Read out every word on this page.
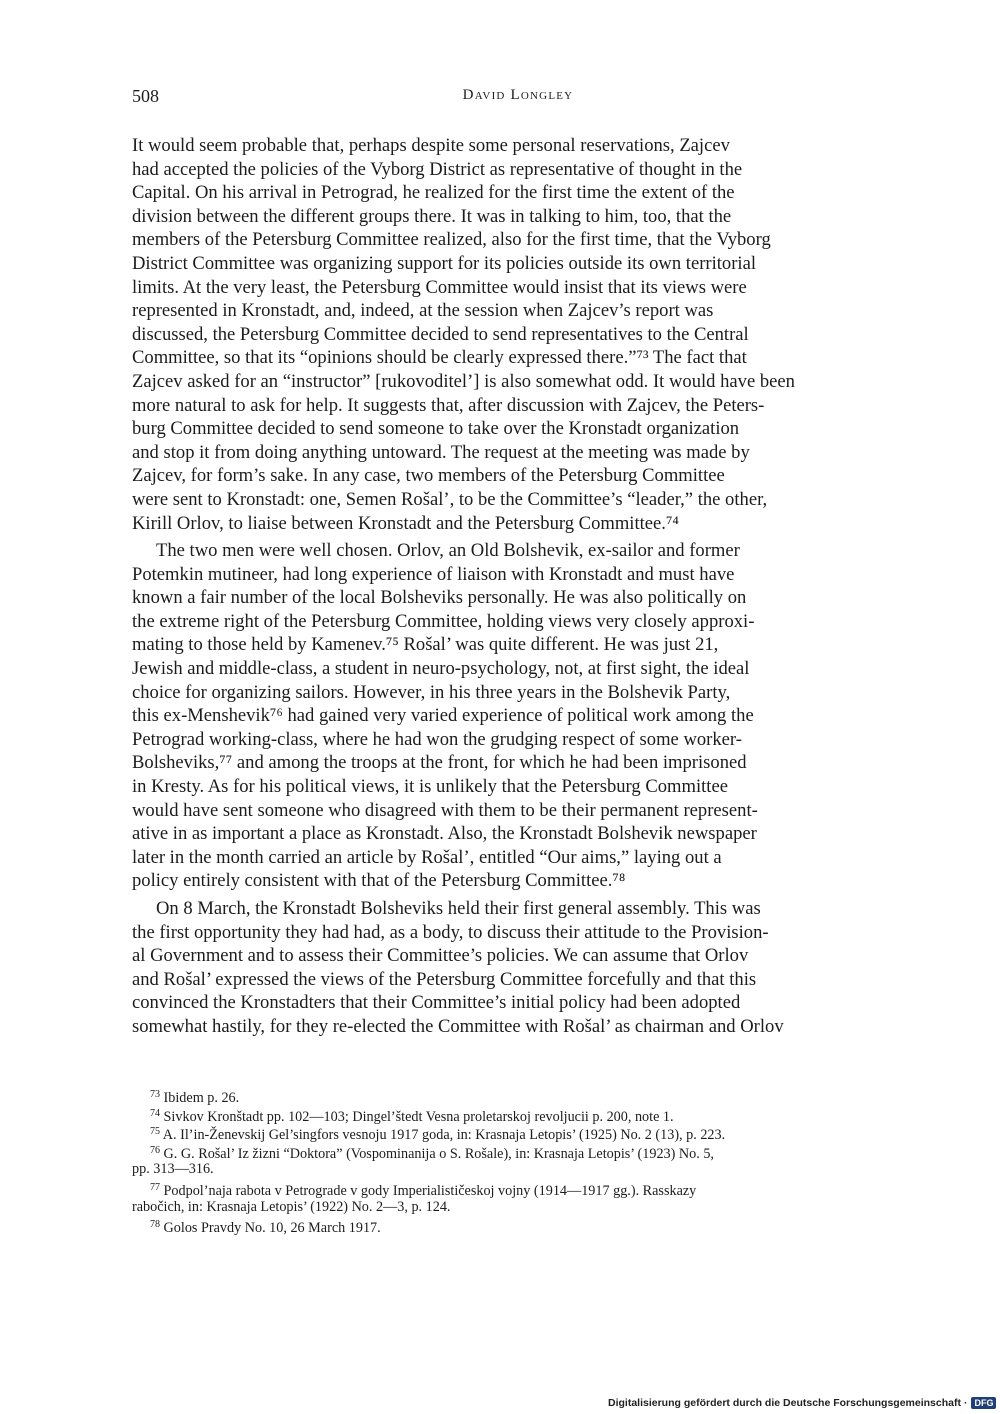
508	David Longley
It would seem probable that, perhaps despite some personal reservations, Zajcev
had accepted the policies of the Vyborg District as representative of thought in the
Capital. On his arrival in Petrograd, he realized for the first time the extent of the
division between the different groups there. It was in talking to him, too, that the
members of the Petersburg Committee realized, also for the first time, that the Vyborg
District Committee was organizing support for its policies outside its own territorial
limits. At the very least, the Petersburg Committee would insist that its views were
represented in Kronstadt, and, indeed, at the session when Zajcev’s report was
discussed, the Petersburg Committee decided to send representatives to the Central
Committee, so that its “opinions should be clearly expressed there.”⁷³ The fact that
Zajcev asked for an “instructor” [rukovoditel’] is also somewhat odd. It would have been
more natural to ask for help. It suggests that, after discussion with Zajcev, the Peters-
burg Committee decided to send someone to take over the Kronstadt organization
and stop it from doing anything untoward. The request at the meeting was made by
Zajcev, for form’s sake. In any case, two members of the Petersburg Committee
were sent to Kronstadt: one, Semen Rošal’, to be the Committee’s “leader,” the other,
Kirill Orlov, to liaise between Kronstadt and the Petersburg Committee.⁷⁴
The two men were well chosen. Orlov, an Old Bolshevik, ex-sailor and former
Potemkin mutineer, had long experience of liaison with Kronstadt and must have
known a fair number of the local Bolsheviks personally. He was also politically on
the extreme right of the Petersburg Committee, holding views very closely approxi-
mating to those held by Kamenev.⁷⁵ Rošal’ was quite different. He was just 21,
Jewish and middle-class, a student in neuro-psychology, not, at first sight, the ideal
choice for organizing sailors. However, in his three years in the Bolshevik Party,
this ex-Menshevik⁷⁶ had gained very varied experience of political work among the
Petrograd working-class, where he had won the grudging respect of some worker-
Bolsheviks,⁷⁷ and among the troops at the front, for which he had been imprisoned
in Kresty. As for his political views, it is unlikely that the Petersburg Committee
would have sent someone who disagreed with them to be their permanent represent-
ative in as important a place as Kronstadt. Also, the Kronstadt Bolshevik newspaper
later in the month carried an article by Rošal’, entitled “Our aims,” laying out a
policy entirely consistent with that of the Petersburg Committee.⁷⁸
On 8 March, the Kronstadt Bolsheviks held their first general assembly. This was
the first opportunity they had had, as a body, to discuss their attitude to the Provision-
al Government and to assess their Committee’s policies. We can assume that Orlov
and Rošal’ expressed the views of the Petersburg Committee forcefully and that this
convinced the Kronstadters that their Committee’s initial policy had been adopted
somewhat hastily, for they re-elected the Committee with Rošal’ as chairman and Orlov
$^{73}$ Ibidem p. 26.
$^{74}$ Sivkov Kronštadt pp. 102—103; Dingel’štedt Vesna proletarskoj revoljucii p. 200, note 1.
$^{75}$ A. Il’in-Ženevskij Gel’singfors vesnoju 1917 goda, in: Krasnaja Letopis’ (1925) No. 2 (13), p. 223.
$^{76}$ G. G. Rošal’ Iz žizni “Doktora” (Vospominanija o S. Rošale), in: Krasnaja Letopis’ (1923) No. 5,
pp. 313—316.
$^{77}$ Podpol’naja rabota v Petrograde v gody Imperialističeskoj vojny (1914—1917 gg.). Rasskazy
rabočich, in: Krasnaja Letopis’ (1922) No. 2—3, p. 124.
$^{78}$ Golos Pravdy No. 10, 26 March 1917.
Digitalisierung gefördert durch die Deutsche Forschungsgemeinschaft · DFG
